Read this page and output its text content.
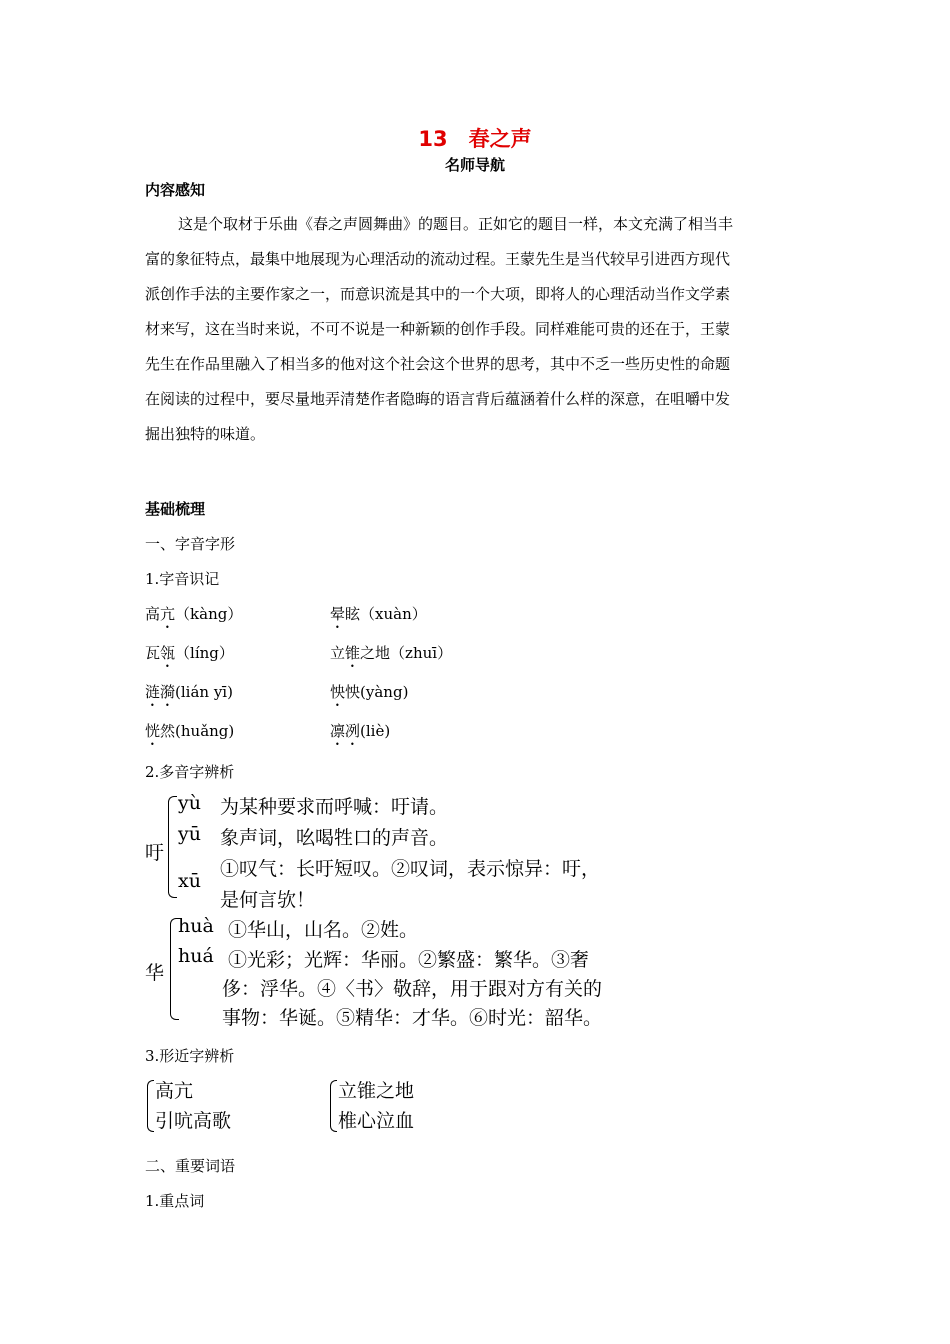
13　春之声
名师导航
内容感知
这是个取材于乐曲《春之声圆舞曲》的题目。正如它的题目一样，本文充满了相当丰
富的象征特点，最集中地展现为心理活动的流动过程。王蒙先生是当代较早引进西方现代
派创作手法的主要作家之一，而意识流是其中的一个大项，即将人的心理活动当作文学素
材来写，这在当时来说，不可不说是一种新颖的创作手段。同样难能可贵的还在于，王蒙
先生在作品里融入了相当多的他对这个社会这个世界的思考，其中不乏一些历史性的命题
在阅读的过程中，要尽量地弄清楚作者隐晦的语言背后蕴涵着什么样的深意，在咀嚼中发
掘出独特的味道。
基础梳理
一、字音字形
1.字音识记
高亢（kàng）	晕眩（xuàn）
瓦瓴（líng）	立锥之地（zhuī）
涟漪(lián yī)	怏怏(yàng)
恍然(huǎng)	凛冽(liè)
2.多音字辨析
吁
yù 为某种要求而呼喊：吁请。
yū 象声词，吆喝牲口的声音。
xū
①叹气：长吁短叹。②叹词，表示惊异：吁，
是何言欤！
华
huà ①华山，山名。②姓。
huá ①光彩；光辉：华丽。②繁盛：繁华。③奢
侈：浮华。④〈书〉敬辞，用于跟对方有关的
事物：华诞。⑤精华：才华。⑥时光：韶华。
3.形近字辨析
高亢
引吭高歌
立锥之地
椎心泣血
二、重要词语
1.重点词
